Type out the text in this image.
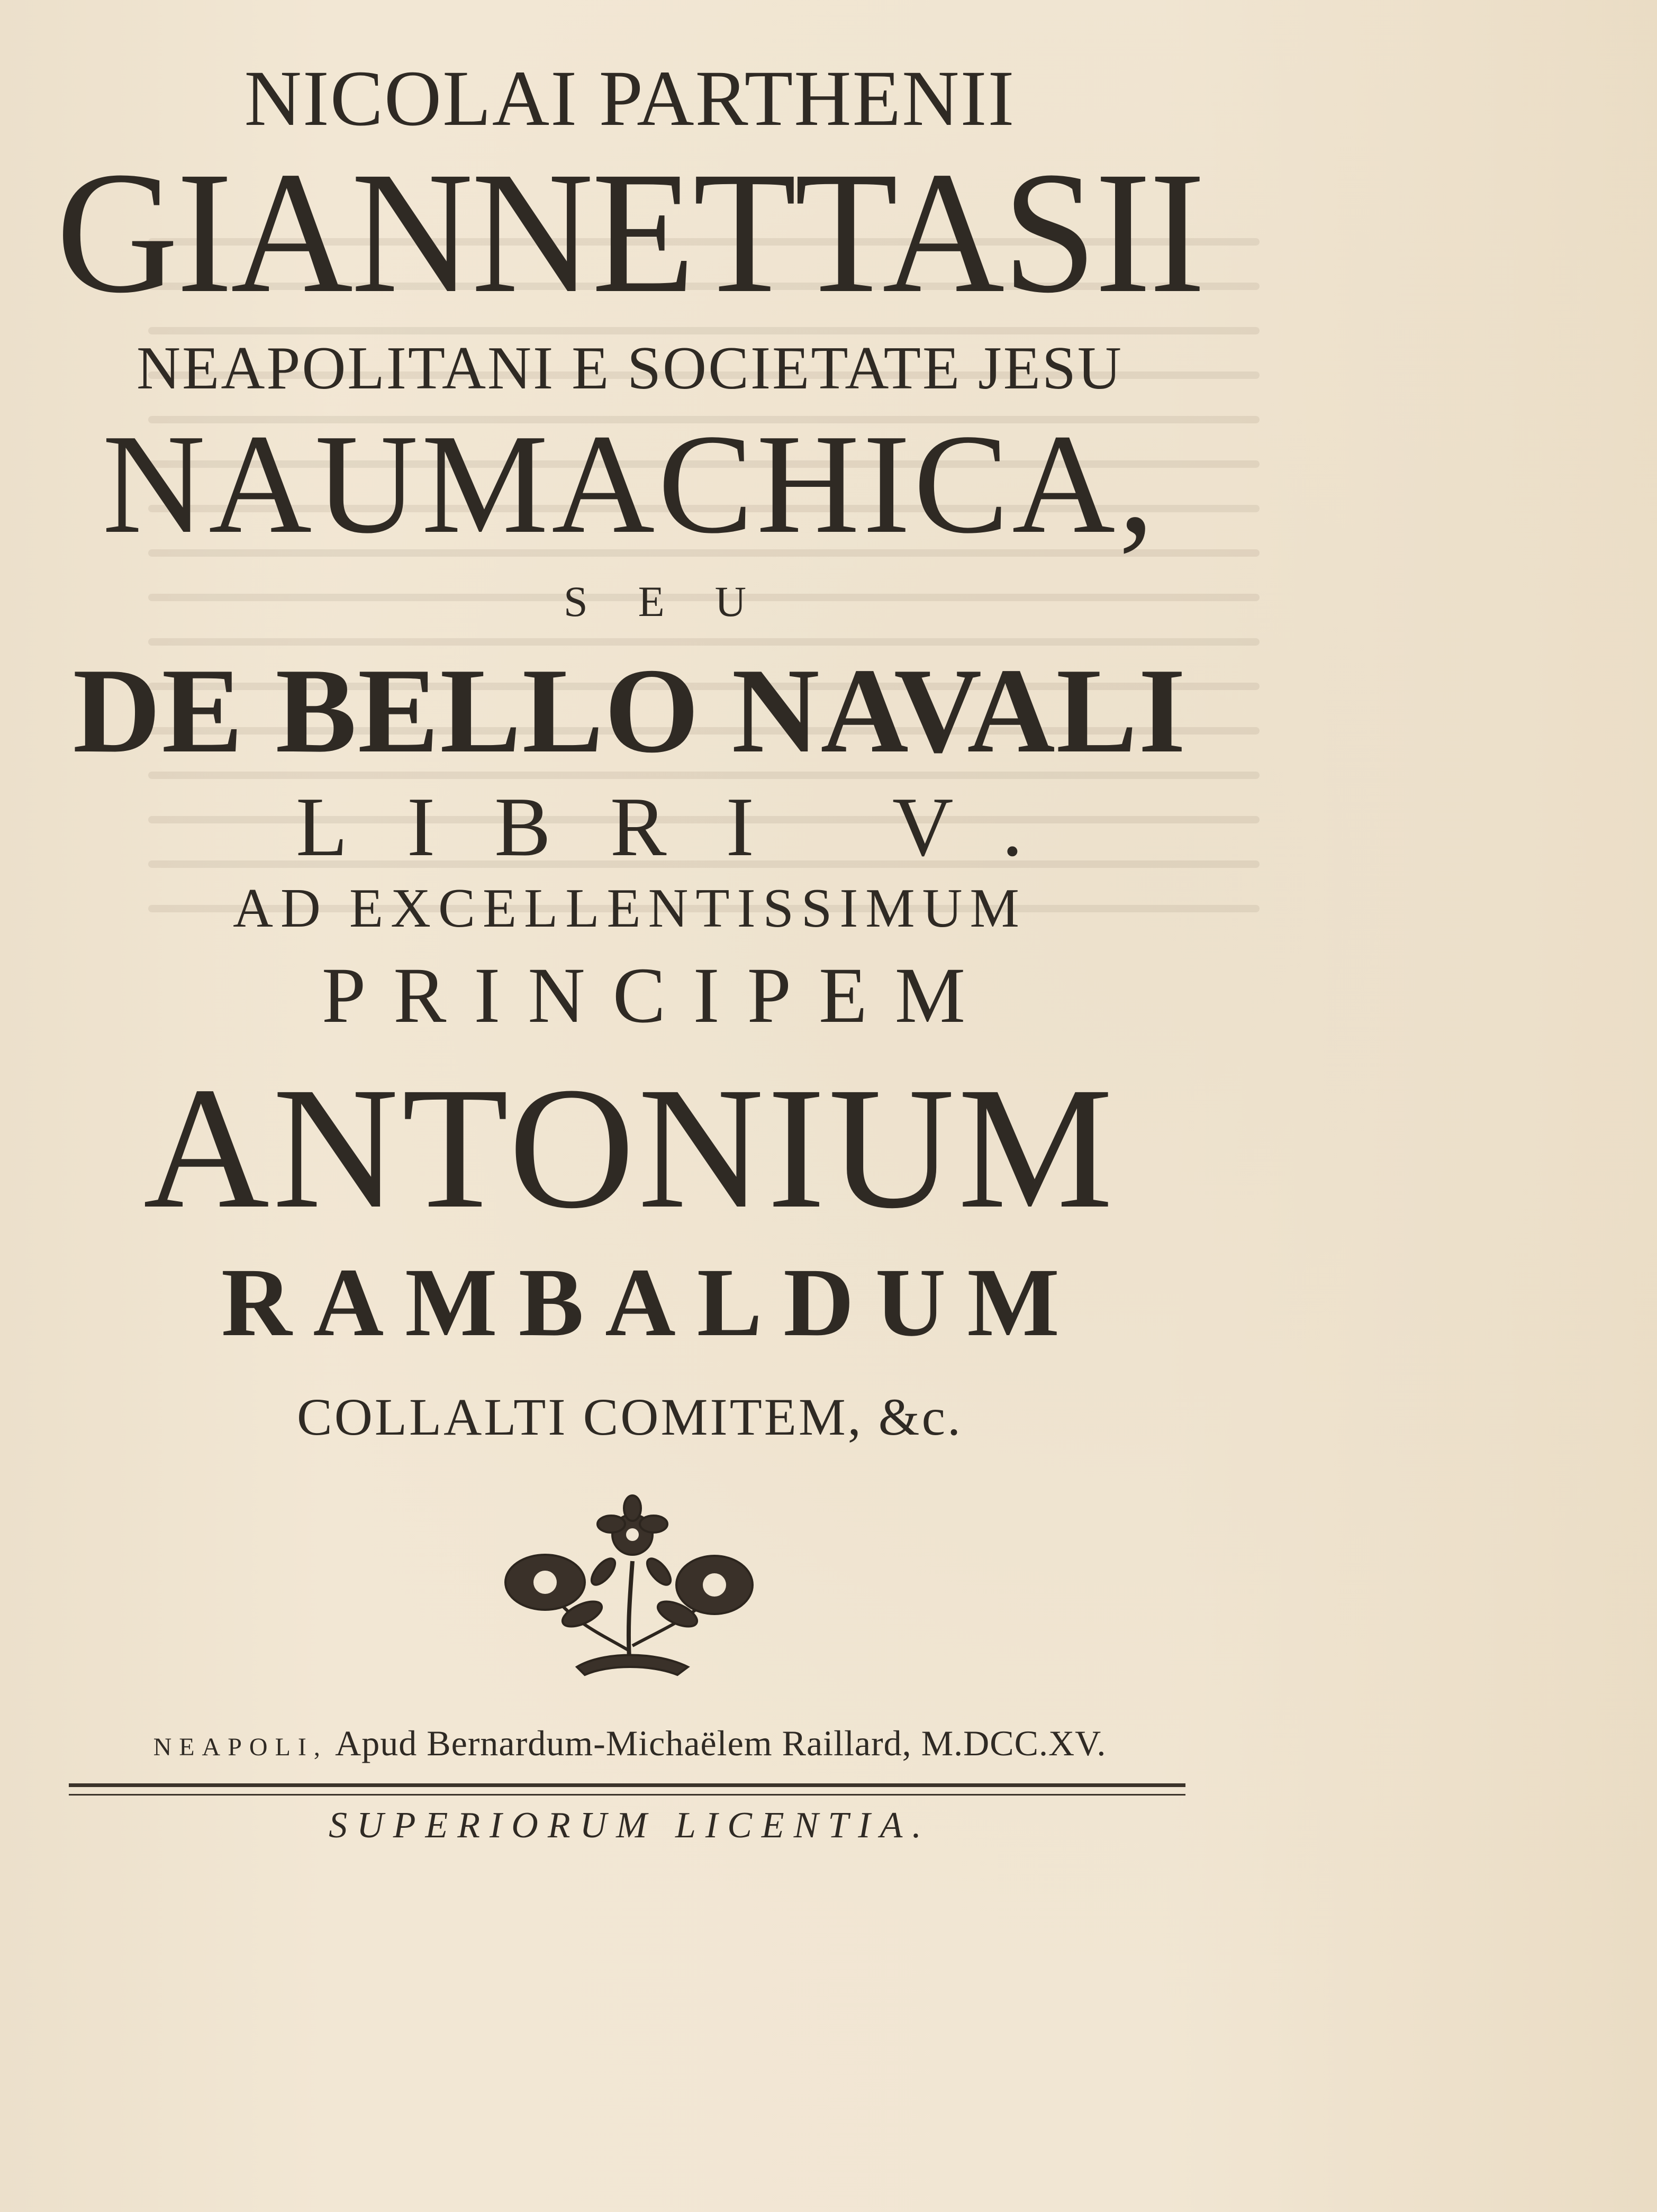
NICOLAI PARTHENII
GIANNETTASII
NEAPOLITANI E SOCIETATE JESU
NAUMACHICA,
SEU
DE BELLO NAVALI
LIBRI V.
AD EXCELLENTISSIMUM
PRINCIPEM
ANTONIUM
RAMBALDUM
COLLALTI COMITEM, &c.
NEAPOLI, Apud Bernardum-Michaëlem Raillard, M.DCC.XV.
SUPERIORUM LICENTIA.
